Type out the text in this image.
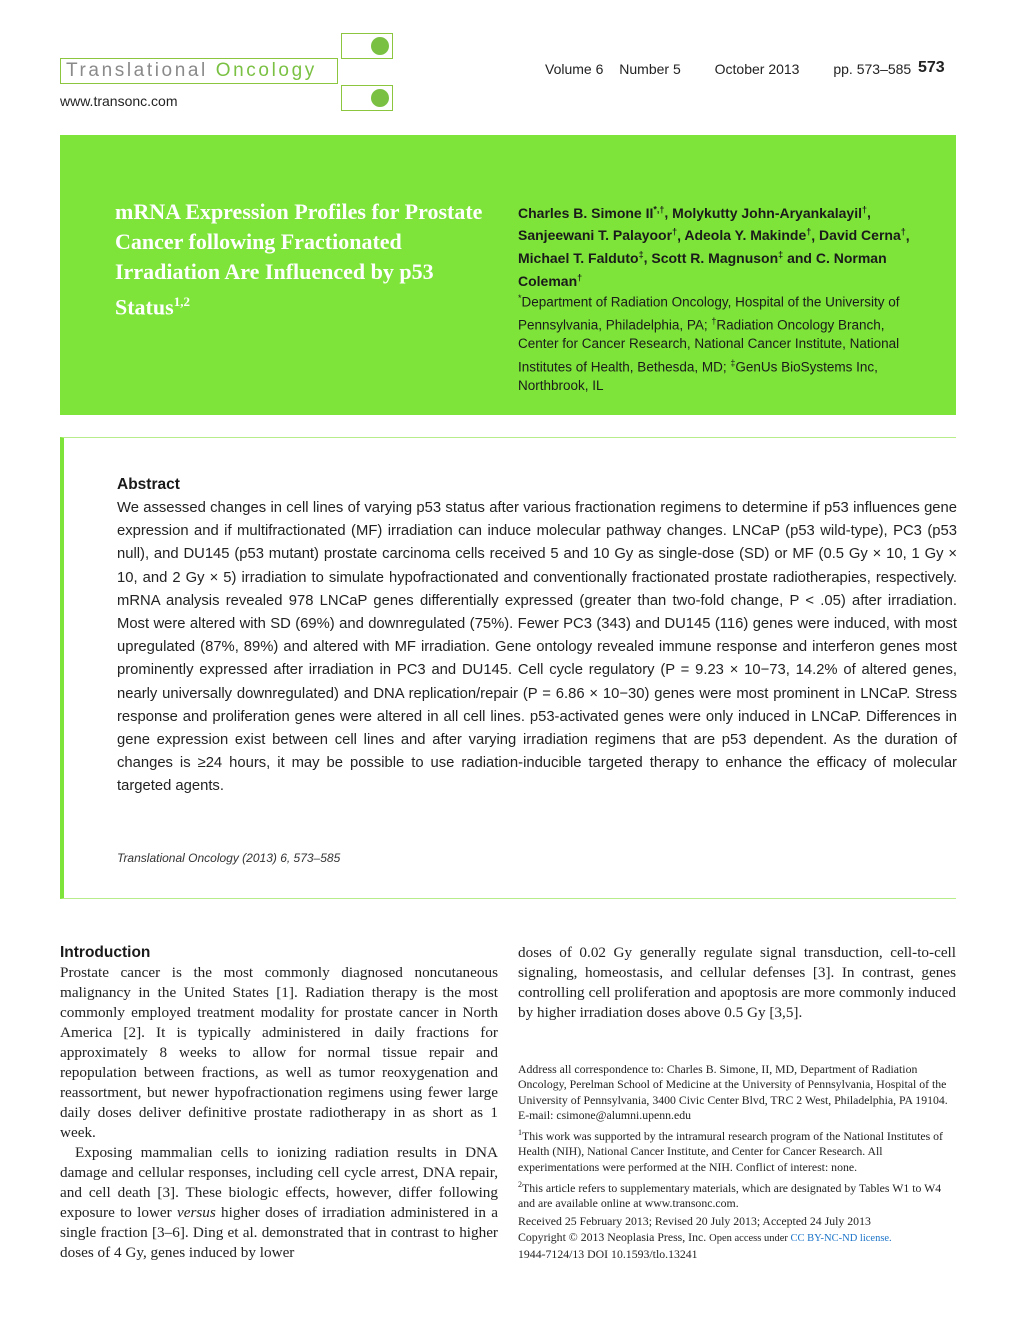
Translational Oncology
www.transonc.com
Volume 6 Number 5 October 2013 pp. 573–585 573
mRNA Expression Profiles for Prostate Cancer following Fractionated Irradiation Are Influenced by p53 Status$^{1,2}$
Charles B. Simone II*,†, Molykutty John-Aryankalayil†, Sanjeewani T. Palayoor†, Adeola Y. Makinde†, David Cerna†, Michael T. Falduto‡, Scott R. Magnuson‡ and C. Norman Coleman†
*Department of Radiation Oncology, Hospital of the University of Pennsylvania, Philadelphia, PA; †Radiation Oncology Branch, Center for Cancer Research, National Cancer Institute, National Institutes of Health, Bethesda, MD; ‡GenUs BioSystems Inc, Northbrook, IL
Abstract
We assessed changes in cell lines of varying p53 status after various fractionation regimens to determine if p53 influences gene expression and if multifractionated (MF) irradiation can induce molecular pathway changes. LNCaP (p53 wild-type), PC3 (p53 null), and DU145 (p53 mutant) prostate carcinoma cells received 5 and 10 Gy as single-dose (SD) or MF (0.5 Gy × 10, 1 Gy × 10, and 2 Gy × 5) irradiation to simulate hypofractionated and conventionally fractionated prostate radiotherapies, respectively. mRNA analysis revealed 978 LNCaP genes differentially expressed (greater than two-fold change, P < .05) after irradiation. Most were altered with SD (69%) and downregulated (75%). Fewer PC3 (343) and DU145 (116) genes were induced, with most upregulated (87%, 89%) and altered with MF irradiation. Gene ontology revealed immune response and interferon genes most prominently expressed after irradiation in PC3 and DU145. Cell cycle regulatory (P = 9.23 × 10−73, 14.2% of altered genes, nearly universally downregulated) and DNA replication/repair (P = 6.86 × 10−30) genes were most prominent in LNCaP. Stress response and proliferation genes were altered in all cell lines. p53-activated genes were only induced in LNCaP. Differences in gene expression exist between cell lines and after varying irradiation regimens that are p53 dependent. As the duration of changes is ≥24 hours, it may be possible to use radiation-inducible targeted therapy to enhance the efficacy of molecular targeted agents.
Translational Oncology (2013) 6, 573–585
Introduction

Prostate cancer is the most commonly diagnosed noncutaneous malignancy in the United States [1]. Radiation therapy is the most commonly employed treatment modality for prostate cancer in North America [2]. It is typically administered in daily fractions for approximately 8 weeks to allow for normal tissue repair and repopulation between fractions, as well as tumor reoxygenation and reassortment, but newer hypofractionation regimens using fewer large daily doses deliver definitive prostate radiotherapy in as short as 1 week.

Exposing mammalian cells to ionizing radiation results in DNA damage and cellular responses, including cell cycle arrest, DNA repair, and cell death [3]. These biologic effects, however, differ following exposure to lower versus higher doses of irradiation administered in a single fraction [3–6]. Ding et al. demonstrated that in contrast to higher doses of 4 Gy, genes induced by lower

doses of 0.02 Gy generally regulate signal transduction, cell-to-cell signaling, homeostasis, and cellular defenses [3]. In contrast, genes controlling cell proliferation and apoptosis are more commonly induced by higher irradiation doses above 0.5 Gy [3,5].

Address all correspondence to: Charles B. Simone, II, MD, Department of Radiation Oncology, Perelman School of Medicine at the University of Pennsylvania, Hospital of the University of Pennsylvania, 3400 Civic Center Blvd, TRC 2 West, Philadelphia, PA 19104. E-mail: csimone@alumni.upenn.edu

$^1$This work was supported by the intramural research program of the National Institutes of Health (NIH), National Cancer Institute, and Center for Cancer Research. All experimentations were performed at the NIH. Conflict of interest: none.

$^2$This article refers to supplementary materials, which are designated by Tables W1 to W4 and are available online at www.transonc.com.

Received 25 February 2013; Revised 20 July 2013; Accepted 24 July 2013

Copyright © 2013 Neoplasia Press, Inc. Open access under CC BY-NC-ND license.

1944-7124/13 DOI 10.1593/tlo.13241
